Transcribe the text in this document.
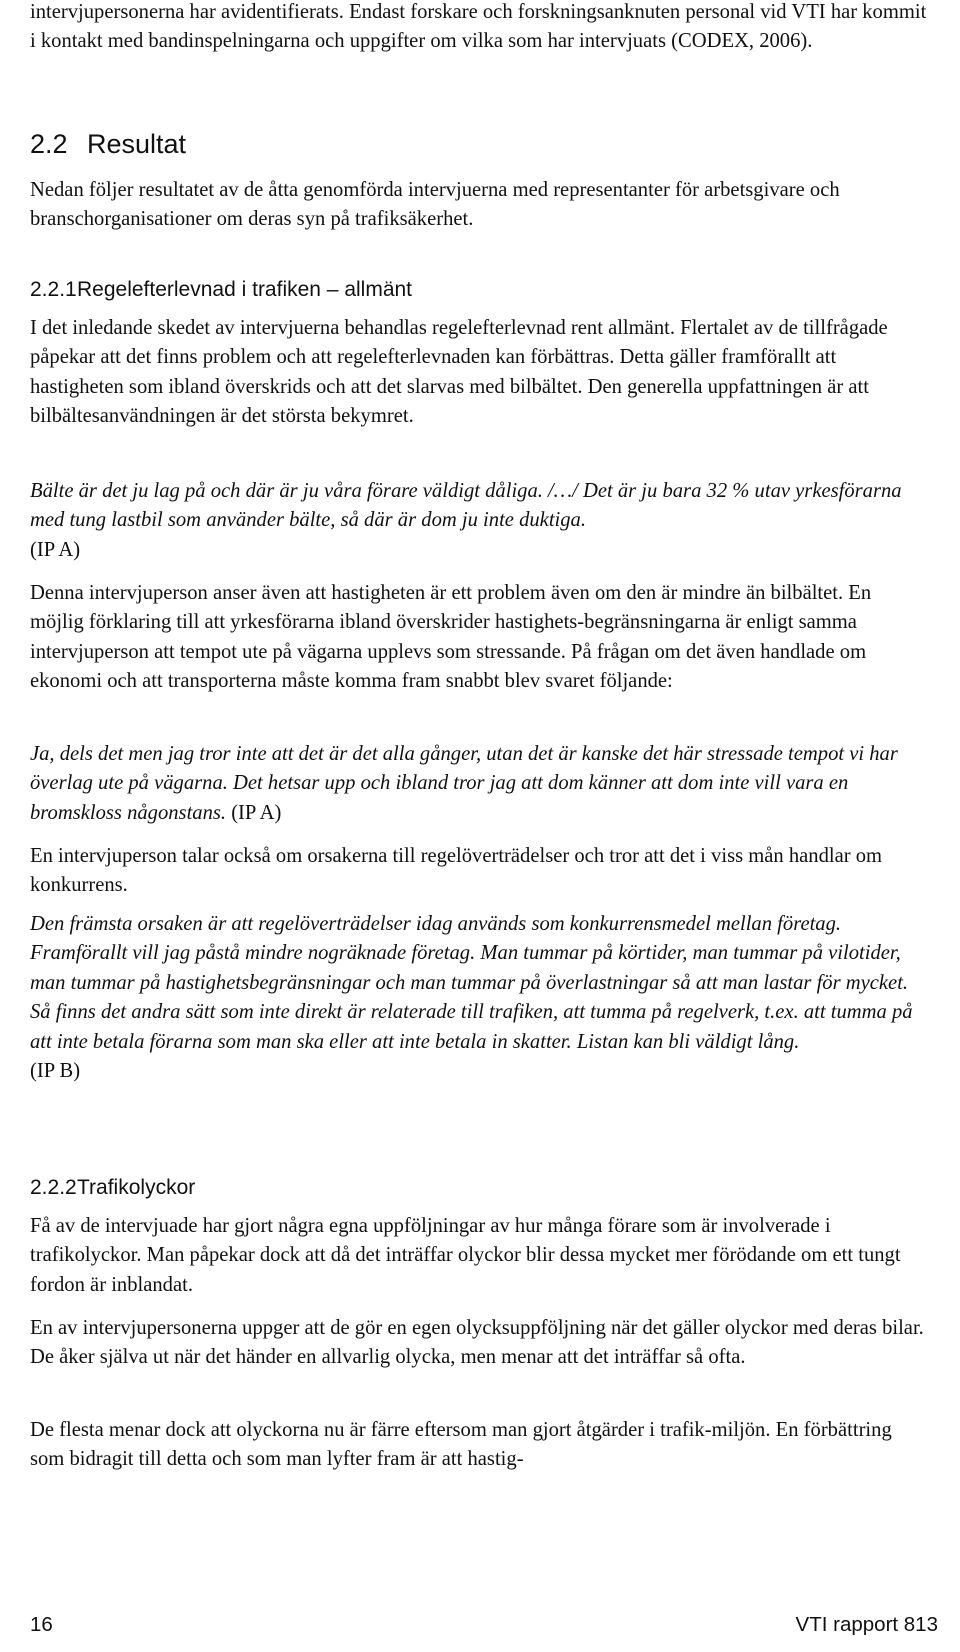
intervjupersonerna har avidentifierats. Endast forskare och forskningsanknuten personal vid VTI har kommit i kontakt med bandinspelningarna och uppgifter om vilka som har intervjuats (CODEX, 2006).

2.2 Resultat

Nedan följer resultatet av de åtta genomförda intervjuerna med representanter för arbetsgivare och branschorganisationer om deras syn på trafiksäkerhet.

2.2.1Regelefterlevnad i trafiken – allmänt

I det inledande skedet av intervjuerna behandlas regelefterlevnad rent allmänt. Flertalet av de tillfrågade påpekar att det finns problem och att regelefterlevnaden kan förbättras. Detta gäller framförallt att hastigheten som ibland överskrids och att det slarvas med bilbältet. Den generella uppfattningen är att bilbältesanvändningen är det största bekymret.

Bälte är det ju lag på och där är ju våra förare väldigt dåliga. /…/ Det är ju bara 32 % utav yrkesförarna med tung lastbil som använder bälte, så där är dom ju inte duktiga.
(IP A)

Denna intervjuperson anser även att hastigheten är ett problem även om den är mindre än bilbältet. En möjlig förklaring till att yrkesförarna ibland överskrider hastighets-begränsningarna är enligt samma intervjuperson att tempot ute på vägarna upplevs som stressande. På frågan om det även handlade om ekonomi och att transporterna måste komma fram snabbt blev svaret följande:

Ja, dels det men jag tror inte att det är det alla gånger, utan det är kanske det här stressade tempot vi har överlag ute på vägarna. Det hetsar upp och ibland tror jag att dom känner att dom inte vill vara en bromskloss någonstans. (IP A)

En intervjuperson talar också om orsakerna till regelöverträdelser och tror att det i viss mån handlar om konkurrens.

Den främsta orsaken är att regelöverträdelser idag används som konkurrensmedel mellan företag. Framförallt vill jag påstå mindre nogräknade företag. Man tummar på körtider, man tummar på vilotider, man tummar på hastighetsbegränsningar och man tummar på överlastningar så att man lastar för mycket. Så finns det andra sätt som inte direkt är relaterade till trafiken, att tumma på regelverk, t.ex. att tumma på att inte betala förarna som man ska eller att inte betala in skatter. Listan kan bli väldigt lång.
(IP B)

2.2.2Trafikolyckor

Få av de intervjuade har gjort några egna uppföljningar av hur många förare som är involverade i trafikolyckor. Man påpekar dock att då det inträffar olyckor blir dessa mycket mer förödande om ett tungt fordon är inblandat.

En av intervjupersonerna uppger att de gör en egen olycksuppföljning när det gäller olyckor med deras bilar. De åker själva ut när det händer en allvarlig olycka, men menar att det inträffar så ofta.

De flesta menar dock att olyckorna nu är färre eftersom man gjort åtgärder i trafik-miljön. En förbättring som bidragit till detta och som man lyfter fram är att hastig-

16	VTI rapport 813
